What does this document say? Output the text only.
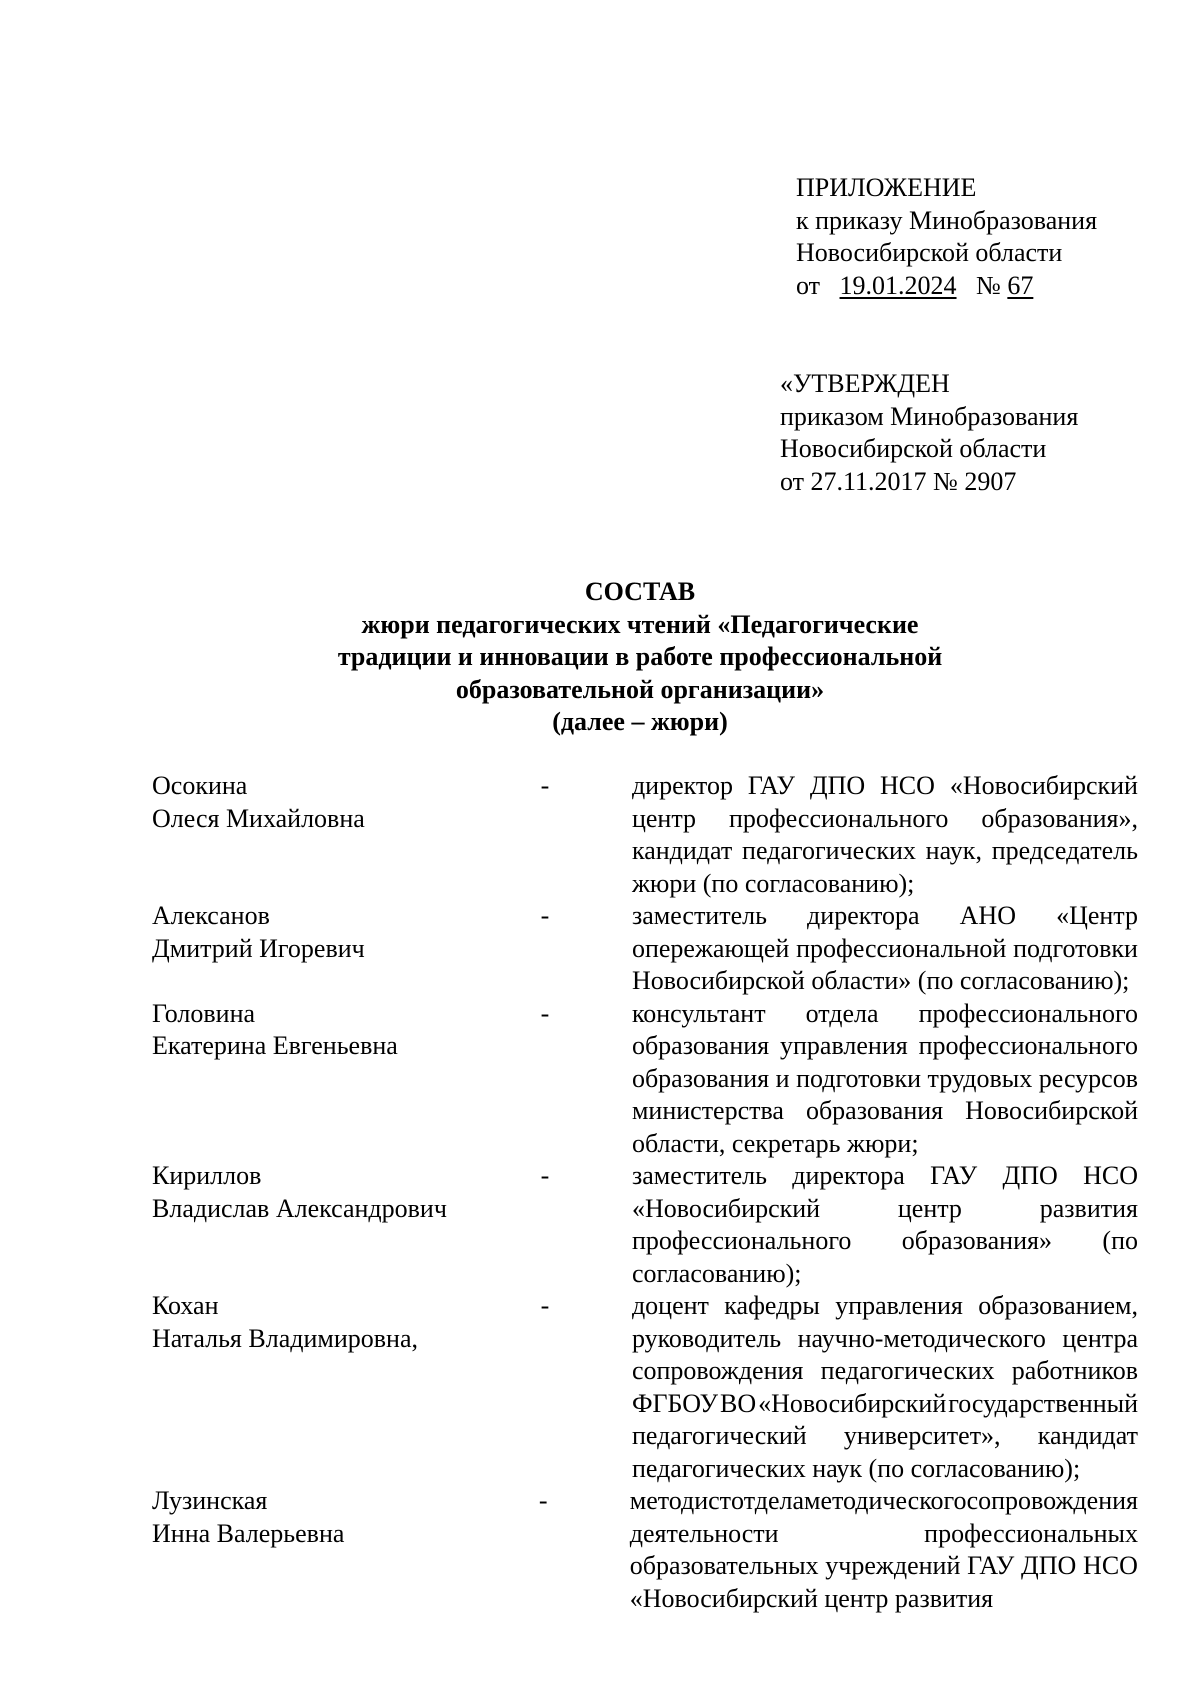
ПРИЛОЖЕНИЕ
к приказу Минобразования
Новосибирской области
от 19.01.2024 № 67
«УТВЕРЖДЕН
приказом Минобразования
Новосибирской области
от 27.11.2017 № 2907
СОСТАВ
жюри педагогических чтений «Педагогические
традиции и инновации в работе профессиональной
образовательной организации»
(далее – жюри)
Осокина
Олеся Михайловна
-	директор ГАУ ДПО НСО «Новосибирский
центр профессионального образования»,
кандидат педагогических наук, председатель
жюри (по согласованию);
Алексанов
Дмитрий Игоревич
-	заместитель директора АНО «Центр
опережающей профессиональной подготовки
Новосибирской области» (по согласованию);
Головина
Екатерина Евгеньевна
-	консультант отдела профессионального
образования управления профессионального
образования и подготовки трудовых ресурсов
министерства образования Новосибирской
области, секретарь жюри;
Кириллов
Владислав Александрович
-	заместитель директора ГАУ ДПО НСО
«Новосибирский	центр	развития
профессионального образования» (по
согласованию);
Кохан
Наталья Владимировна,
-	доцент кафедры управления образованием,
руководитель научно-методического центра
сопровождения педагогических работников
ФГБОУ ВО «Новосибирский государственный
педагогический университет», кандидат
педагогических наук (по согласованию);
Лузинская
Инна Валерьевна
-	методист отдела методического сопровождения
деятельности	профессиональных
образовательных учреждений ГАУ ДПО НСО
«Новосибирский центр развития
